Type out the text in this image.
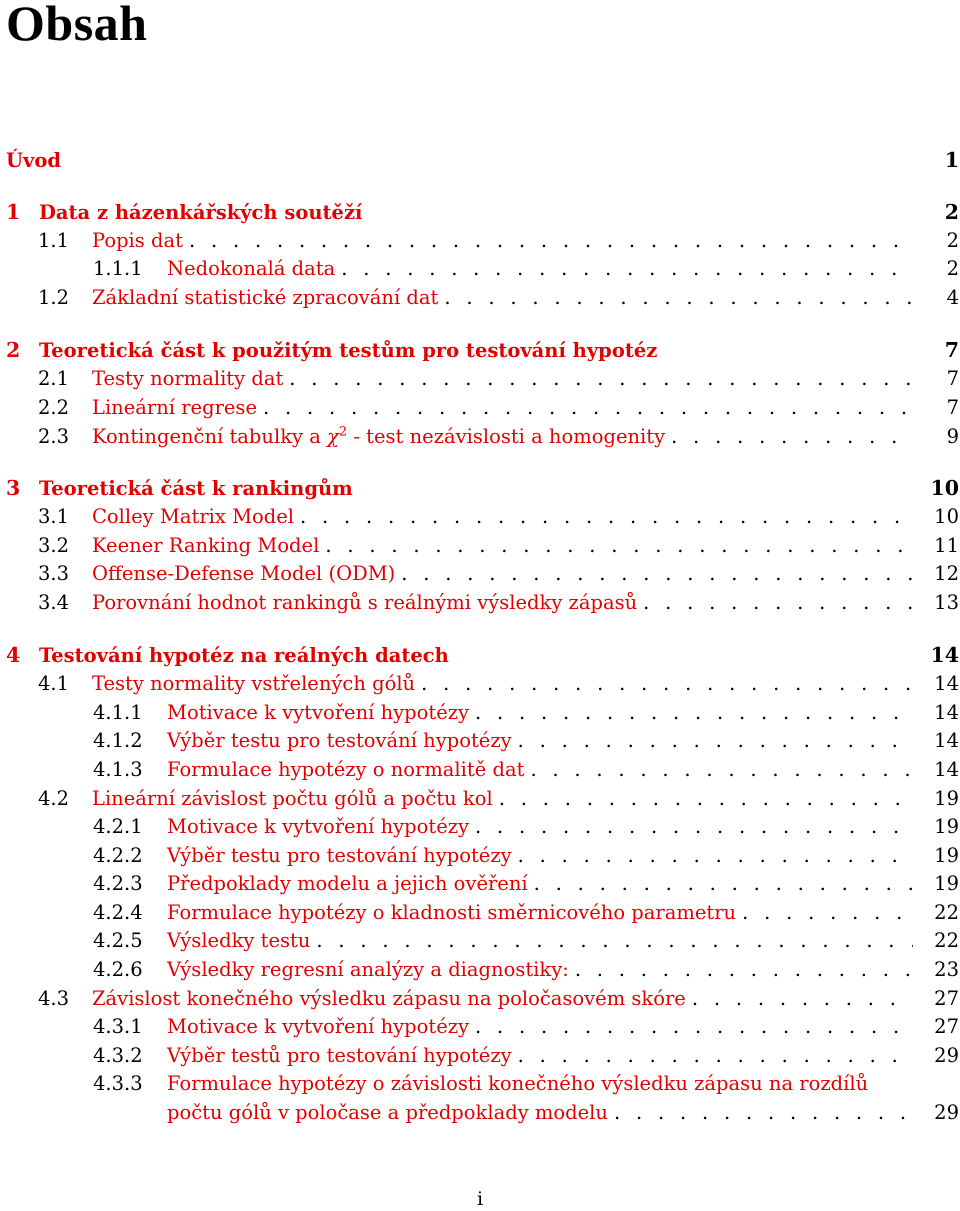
Obsah
Úvod	1
1 Data z házenkářských soutěží	2
1.1	Popis dat . . .	2
1.1.1	Nedokonalá data . . .	2
1.2	Základní statistické zpracování dat . . .	4
2 Teoretická část k použitým testům pro testování hypotéz	7
2.1	Testy normality dat . . .	7
2.2	Lineární regrese . . .	7
2.3	Kontingenční tabulky a $\chi^2$ - test nezávislosti a homogenity . . .	9
3 Teoretická část k rankingům	10
3.1	Colley Matrix Model . . .	10
3.2	Keener Ranking Model . . .	11
3.3	Offense-Defense Model (ODM) . . .	12
3.4	Porovnání hodnot rankingů s reálnými výsledky zápasů . . .	13
4 Testování hypotéz na reálných datech	14
4.1	Testy normality vstřelených gólů . . .	14
4.1.1	Motivace k vytvoření hypotézy . . .	14
4.1.2	Výběr testu pro testování hypotézy . . .	14
4.1.3	Formulace hypotézy o normalitě dat . . .	14
4.2	Lineární závislost počtu gólů a počtu kol . . .	19
4.2.1	Motivace k vytvoření hypotézy . . .	19
4.2.2	Výběr testu pro testování hypotézy . . .	19
4.2.3	Předpoklady modelu a jejich ověření . . .	19
4.2.4	Formulace hypotézy o kladnosti směrnicového parametru . . .	22
4.2.5	Výsledky testu . . .	22
4.2.6	Výsledky regresní analýzy a diagnostiky: . . .	23
4.3	Závislost konečného výsledku zápasu na poločasovém skóre . . .	27
4.3.1	Motivace k vytvoření hypotézy . . .	27
4.3.2	Výběr testů pro testování hypotézy . . .	29
4.3.3	Formulace hypotézy o závislosti konečného výsledku zápasu na rozdílů
počtu gólů v poločase a předpoklady modelu . . .	29
i
